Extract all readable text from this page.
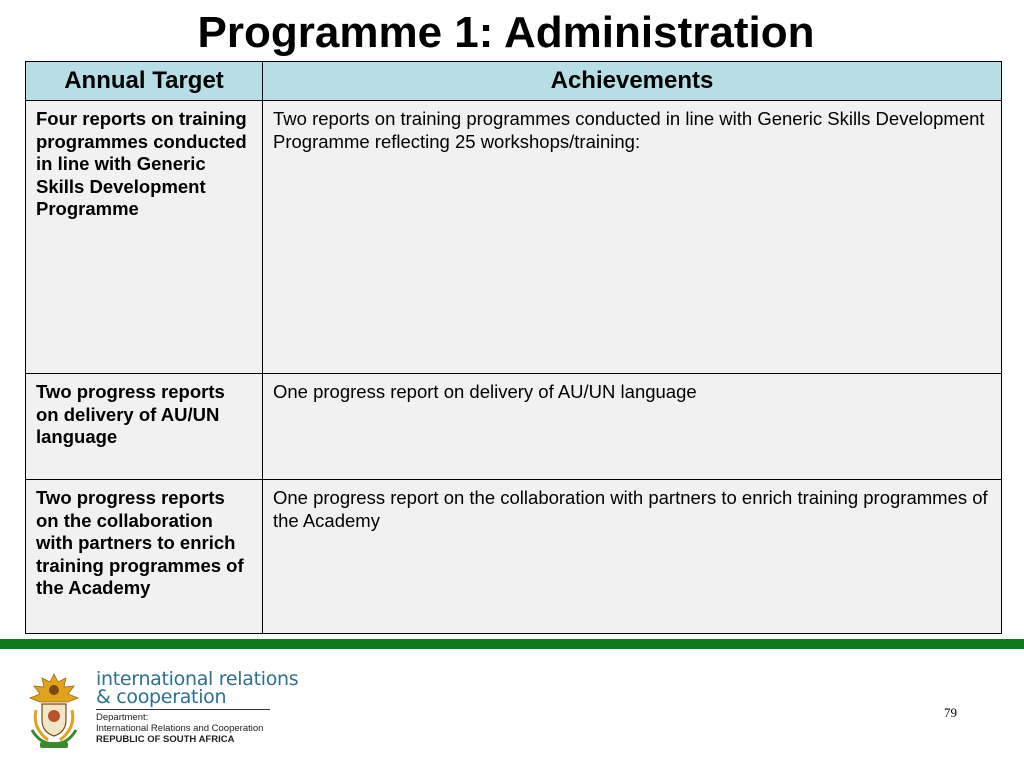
Programme 1: Administration
Annual Target	Achievements
Four reports on training programmes conducted in line with Generic Skills Development Programme	Two reports on training programmes conducted in line with Generic Skills Development Programme reflecting 25 workshops/training:
Two progress reports on delivery of AU/UN language	One progress report on delivery of AU/UN language
Two progress reports on the collaboration with partners to enrich training programmes of the Academy	One progress report on the collaboration with partners to enrich training programmes of the Academy
international relations
& cooperation
Department:
International Relations and Cooperation
REPUBLIC OF SOUTH AFRICA
79
